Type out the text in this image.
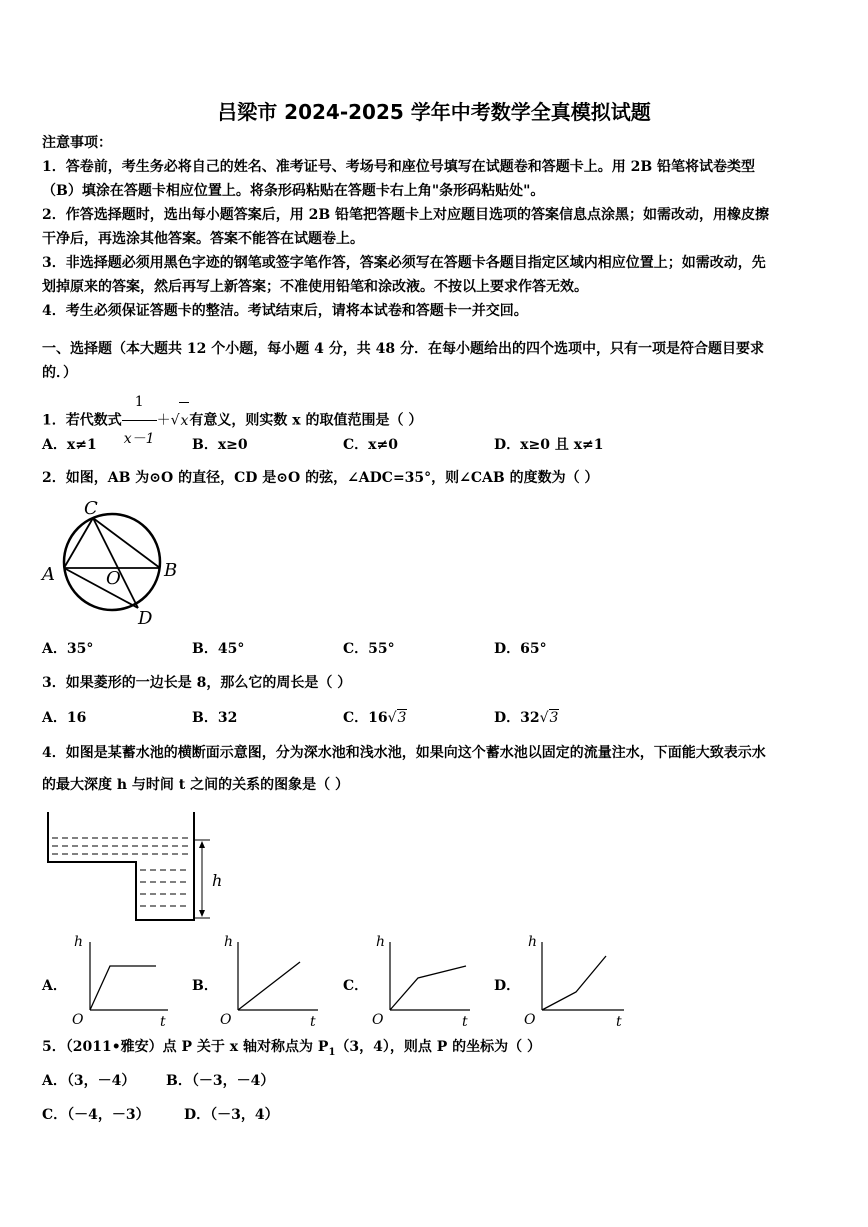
吕梁市 2024-2025 学年中考数学全真模拟试题
注意事项：
1．答卷前，考生务必将自己的姓名、准考证号、考场号和座位号填写在试题卷和答题卡上。用 2B 铅笔将试卷类型
（B）填涂在答题卡相应位置上。将条形码粘贴在答题卡右上角"条形码粘贴处"。
2．作答选择题时，选出每小题答案后，用 2B 铅笔把答题卡上对应题目选项的答案信息点涂黑；如需改动，用橡皮擦
干净后，再选涂其他答案。答案不能答在试题卷上。
3．非选择题必须用黑色字迹的钢笔或签字笔作答，答案必须写在答题卡各题目指定区域内相应位置上；如需改动，先
划掉原来的答案，然后再写上新答案；不准使用铅笔和涂改液。不按以上要求作答无效。
4．考生必须保证答题卡的整洁。考试结束后，请将本试卷和答题卡一并交回。
一、选择题（本大题共 12 个小题，每小题 4 分，共 48 分．在每小题给出的四个选项中，只有一项是符合题目要求
的．）
1．若代数式 $\frac{1}{x-1} +√x$有意义，则实数 x 的取值范围是（ ）
A．x≠1	B．x≥0	C．x≠0	D．x≥0 且 x≠1
2．如图，AB 为⊙O 的直径，CD 是⊙O 的弦，∠ADC=35°，则∠CAB 的度数为（ ）
C
A	B
O
D
A．35°	B．45°	C．55°	D．65°
3．如果菱形的一边长是 8，那么它的周长是（ ）
A．16	B．32	C．16√3	D．32√3
4．如图是某蓄水池的横断面示意图，分为深水池和浅水池，如果向这个蓄水池以固定的流量注水，下面能大致表示水
的最大深度 h 与时间 t 之间的关系的图象是（ ）
h
A．
h
O	t
B．
h
O	t
C．
h
O	t
D．
h
O	t
5．（2011•雅安）点 P 关于 x 轴对称点为 $P_1(3$，4），则点 P 的坐标为（ ）
A．（3，－4） B．（－3，－4）
C．（－4，－3） D．（－3，4）
